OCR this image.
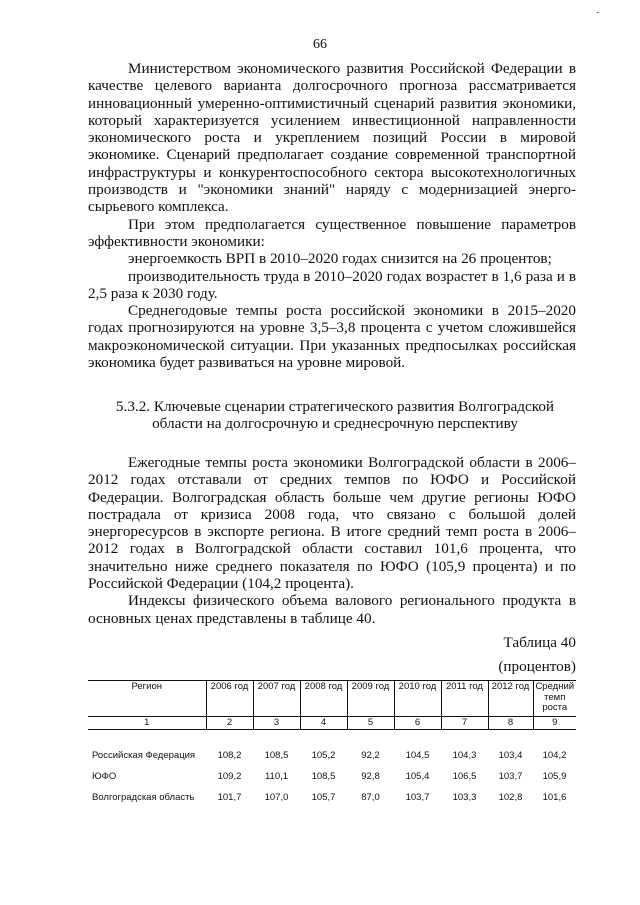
-
66

Министерством экономического развития Российской Федерации в качестве целевого варианта долгосрочного прогноза рассматривается инновационный умеренно-оптимистичный сценарий развития экономики, который характеризуется усилением инвестиционной направленности экономического роста и укреплением позиций России в мировой экономике. Сценарий предполагает создание современной транспортной инфраструктуры и конкурентоспособного сектора высокотехнологичных производств и "экономики знаний" наряду с модернизацией энерго-сырьевого комплекса.

При этом предполагается существенное повышение параметров эффективности экономики:

энергоемкость ВРП в 2010–2020 годах снизится на 26 процентов;

производительность труда в 2010–2020 годах возрастет в 1,6 раза и в 2,5 раза к 2030 году.

Среднегодовые темпы роста российской экономики в 2015–2020 годах прогнозируются на уровне 3,5–3,8 процента с учетом сложившейся макроэкономической ситуации. При указанных предпосылках российская экономика будет развиваться на уровне мировой.

5.3.2. Ключевые сценарии стратегического развития Волгоградской
области на долгосрочную и среднесрочную перспективу

Ежегодные темпы роста экономики Волгоградской области в 2006–2012 годах отставали от средних темпов по ЮФО и Российской Федерации. Волгоградская область больше чем другие регионы ЮФО пострадала от кризиса 2008 года, что связано с большой долей энергоресурсов в экспорте региона. В итоге средний темп роста в 2006–2012 годах в Волгоградской области составил 101,6 процента, что значительно ниже среднего показателя по ЮФО (105,9 процента) и по Российской Федерации (104,2 процента).

Индексы физического объема валового регионального продукта в основных ценах представлены в таблице 40.

Таблица 40
(процентов)
Регион	2006 год	2007 год	2008 год	2009 год	2010 год	2011 год	2012 год	Средний темп роста
1	2	3	4	5	6	7	8	9
Российская Федерация	108,2	108,5	105,2	92,2	104,5	104,3	103,4	104,2
ЮФО	109,2	110,1	108,5	92,8	105,4	106,5	103,7	105,9
Волгоградская область	101,7	107,0	105,7	87,0	103,7	103,3	102,8	101,6
